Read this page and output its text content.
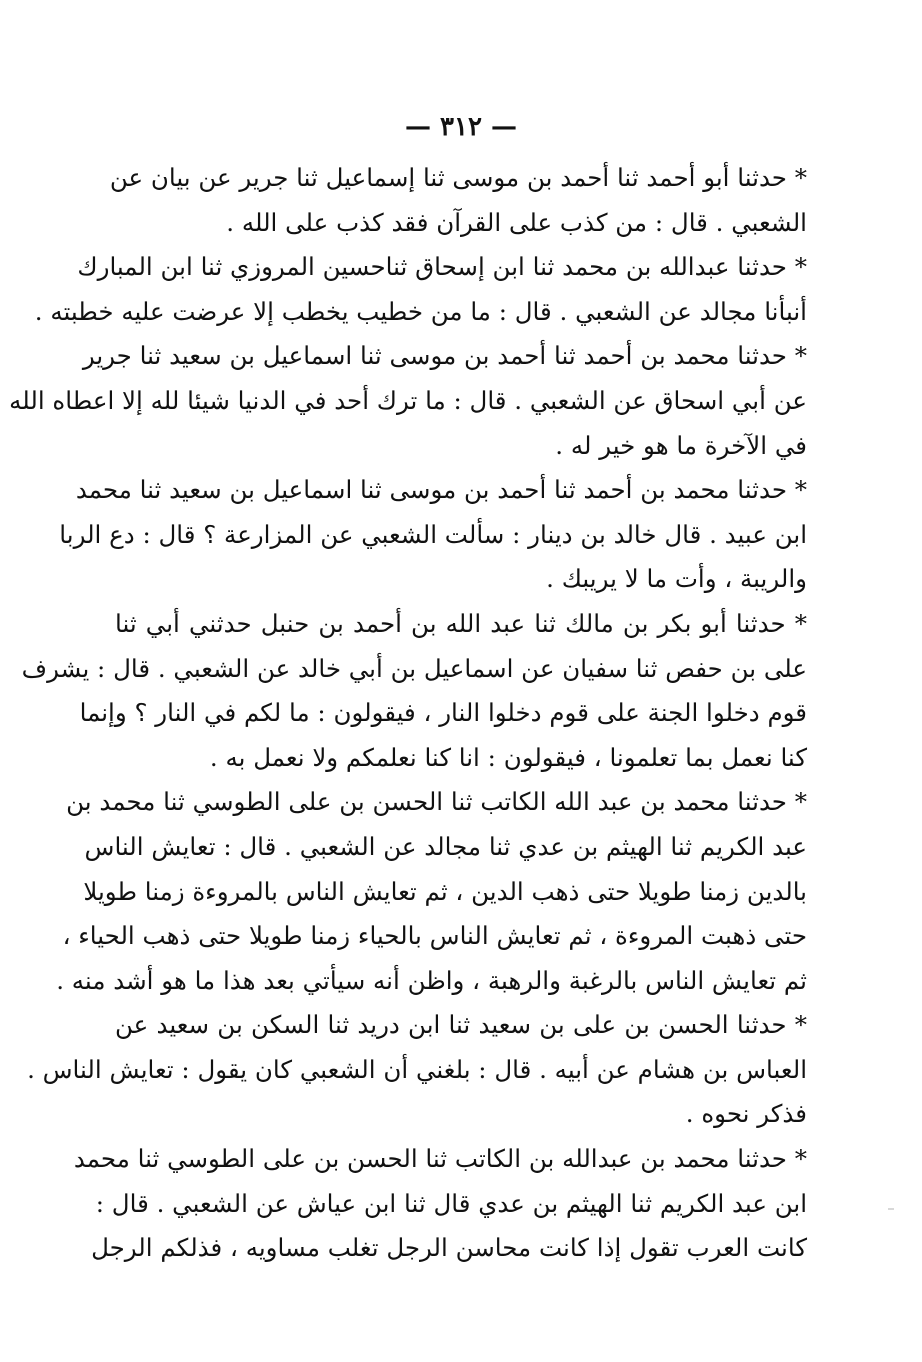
— ٣١٢ —
* حدثنا أبو أحمد ثنا أحمد بن موسى ثنا إسماعيل ثنا جرير عن بيان عن
الشعبي . قال : من كذب على القرآن فقد كذب على الله .
* حدثنا عبدالله بن محمد ثنا ابن إسحاق ثناحسين المروزي ثنا ابن المبارك
أنبأنا مجالد عن الشعبي . قال : ما من خطيب يخطب إلا عرضت عليه خطبته .
* حدثنا محمد بن أحمد ثنا أحمد بن موسى ثنا اسماعيل بن سعيد ثنا جرير
عن أبي اسحاق عن الشعبي . قال : ما ترك أحد في الدنيا شيئا لله إلا اعطاه الله
في الآخرة ما هو خير له .
* حدثنا محمد بن أحمد ثنا أحمد بن موسى ثنا اسماعيل بن سعيد ثنا محمد
ابن عبيد . قال خالد بن دينار : سألت الشعبي عن المزارعة ؟ قال : دع الربا
والريبة ، وأت ما لا يريبك .
* حدثنا أبو بكر بن مالك ثنا عبد الله بن أحمد بن حنبل حدثني أبي ثنا
على بن حفص ثنا سفيان عن اسماعيل بن أبي خالد عن الشعبي . قال : يشرف
قوم دخلوا الجنة على قوم دخلوا النار ، فيقولون : ما لكم في النار ؟ وإنما
كنا نعمل بما تعلمونا ، فيقولون : انا كنا نعلمكم ولا نعمل به .
* حدثنا محمد بن عبد الله الكاتب ثنا الحسن بن على الطوسي ثنا محمد بن
عبد الكريم ثنا الهيثم بن عدي ثنا مجالد عن الشعبي . قال : تعايش الناس
بالدين زمنا طويلا حتى ذهب الدين ، ثم تعايش الناس بالمروءة زمنا طويلا
حتى ذهبت المروءة ، ثم تعايش الناس بالحياء زمنا طويلا حتى ذهب الحياء ،
ثم تعايش الناس بالرغبة والرهبة ، واظن أنه سيأتي بعد هذا ما هو أشد منه .
* حدثنا الحسن بن على بن سعيد ثنا ابن دريد ثنا السكن بن سعيد عن
العباس بن هشام عن أبيه . قال : بلغني أن الشعبي كان يقول : تعايش الناس .
فذكر نحوه .
* حدثنا محمد بن عبدالله بن الكاتب ثنا الحسن بن على الطوسي ثنا محمد
ابن عبد الكريم ثنا الهيثم بن عدي قال ثنا ابن عياش عن الشعبي . قال :
كانت العرب تقول إذا كانت محاسن الرجل تغلب مساويه ، فذلكم الرجل
